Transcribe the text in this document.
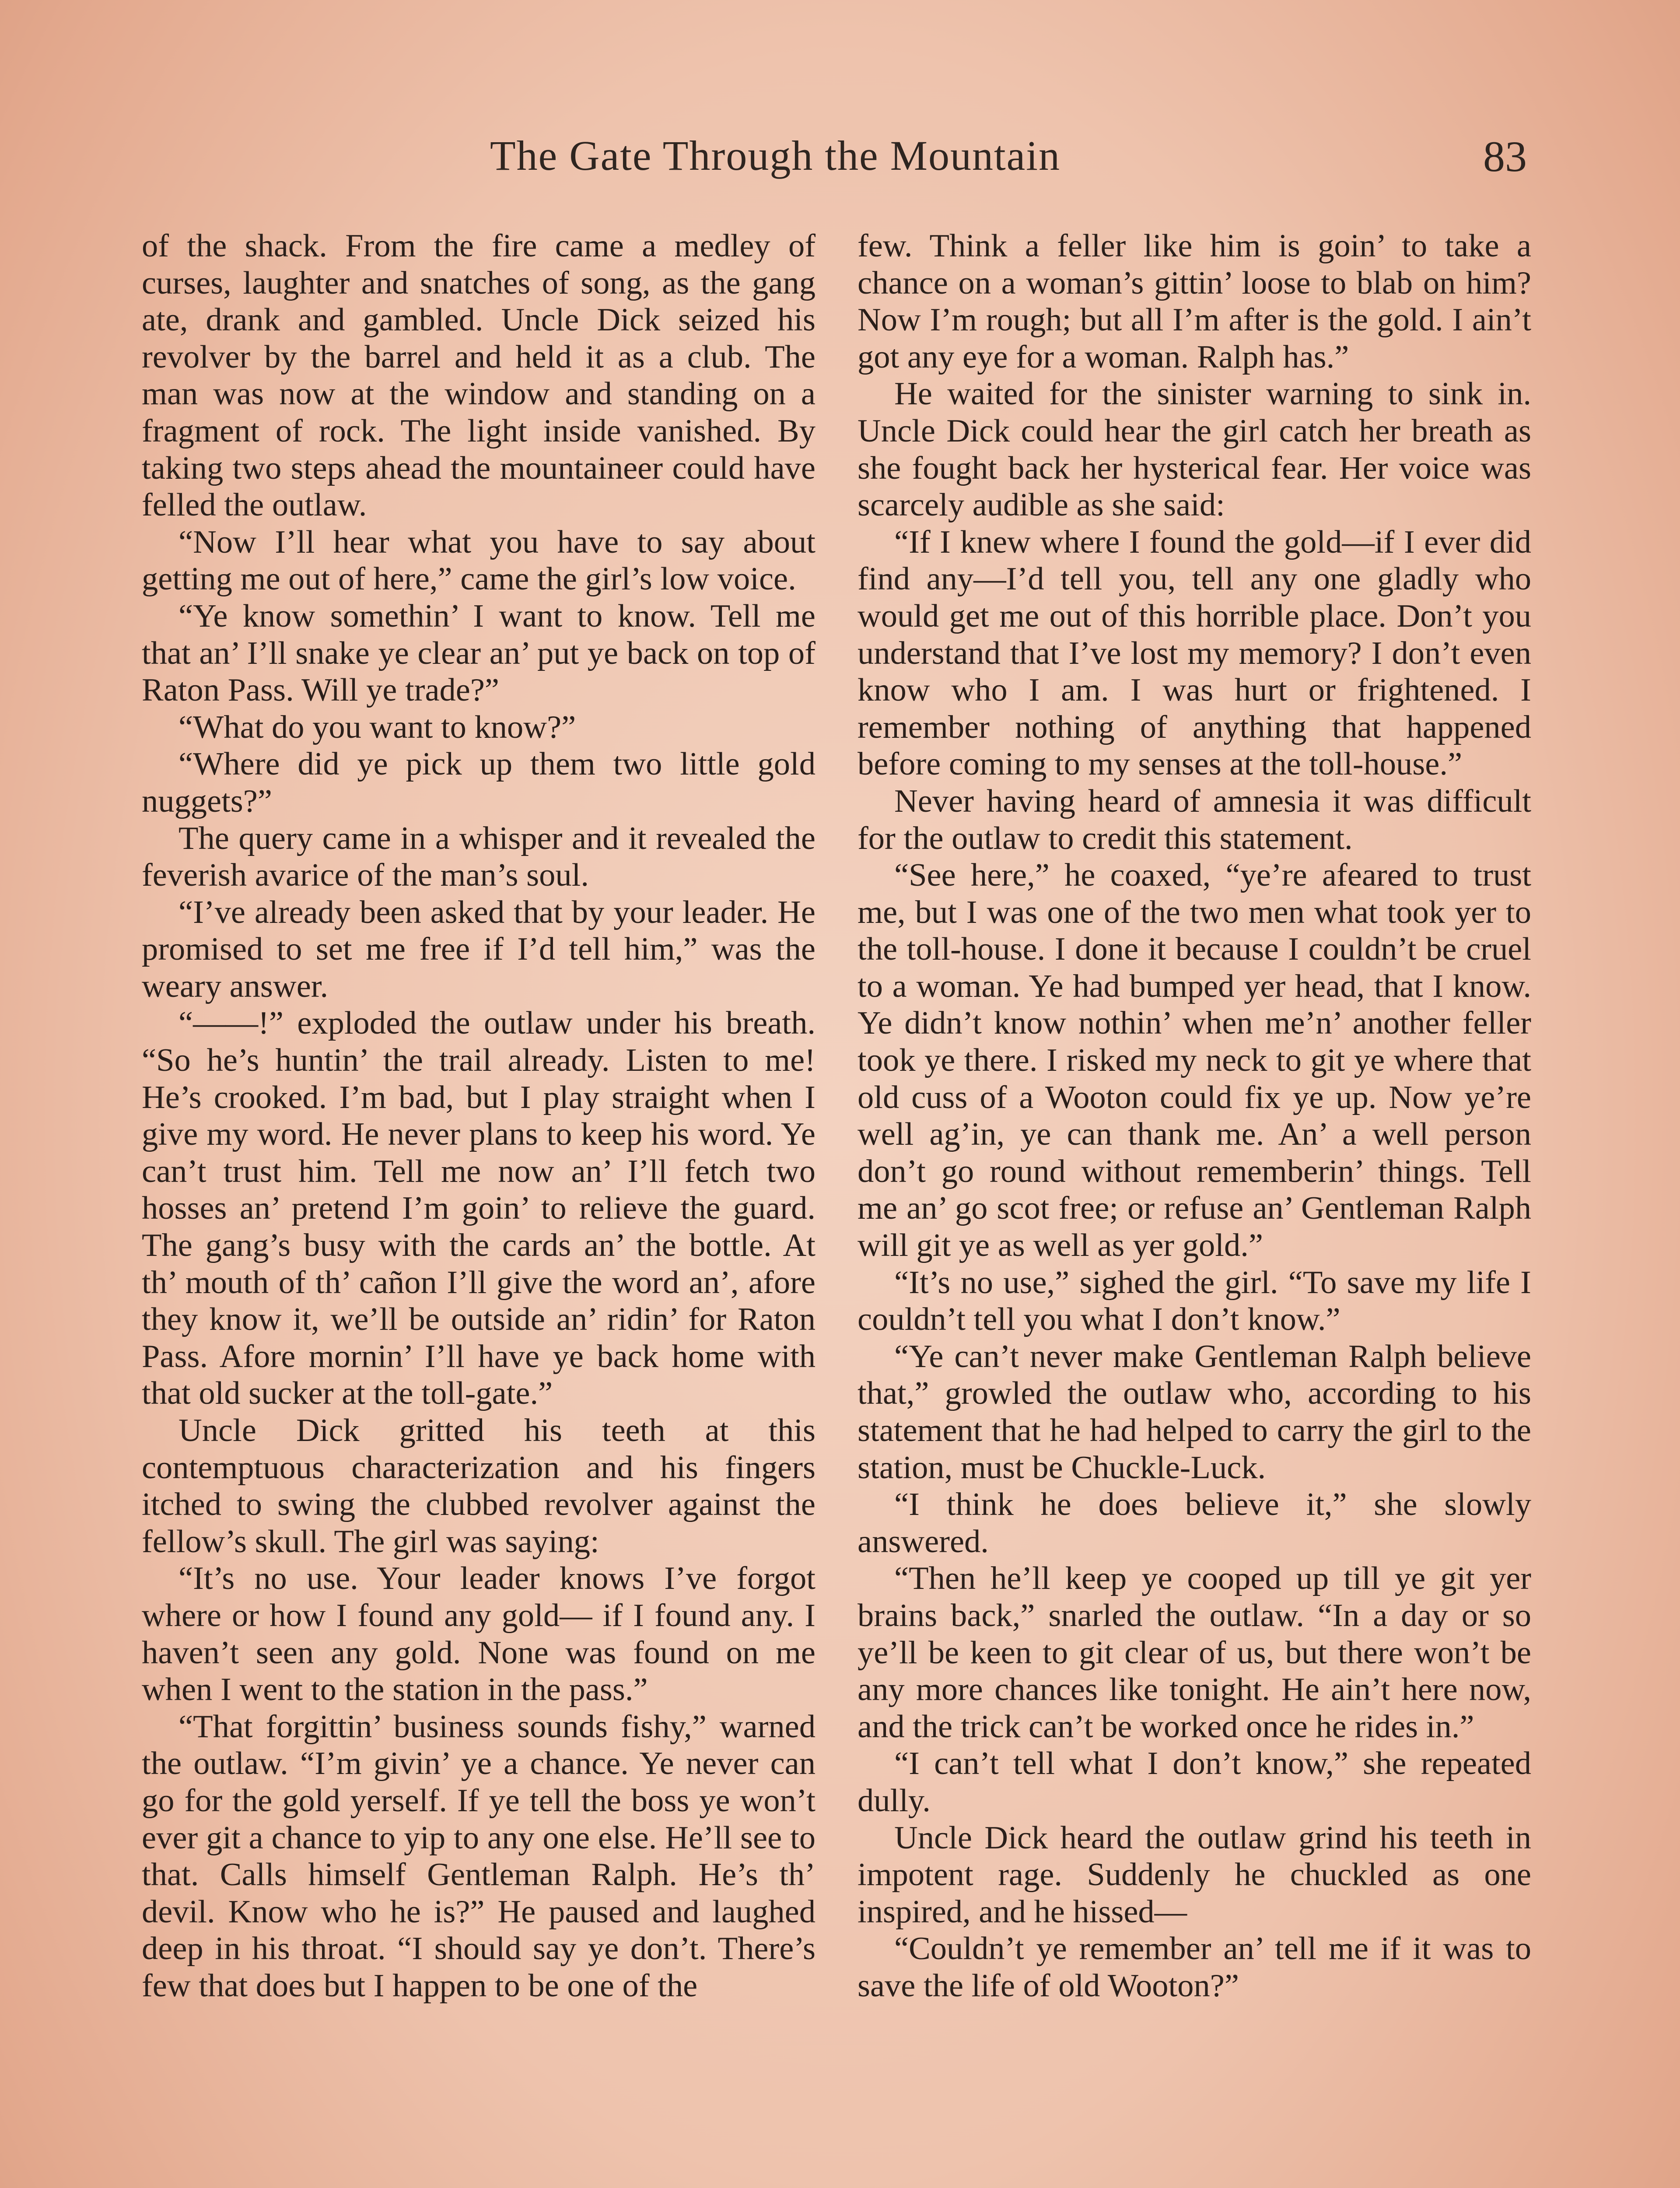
The Gate Through the Mountain	83

of the shack. From the fire came a medley of curses, laughter and snatches of song, as the gang ate, drank and gambled. Uncle Dick seized his revolver by the barrel and held it as a club. The man was now at the window and standing on a fragment of rock. The light inside vanished. By taking two steps ahead the mountaineer could have felled the outlaw.

“Now I’ll hear what you have to say about getting me out of here,” came the girl’s low voice.

“Ye know somethin’ I want to know. Tell me that an’ I’ll snake ye clear an’ put ye back on top of Raton Pass. Will ye trade?”

“What do you want to know?”

“Where did ye pick up them two little gold nuggets?”

The query came in a whisper and it revealed the feverish avarice of the man’s soul.

“I’ve already been asked that by your leader. He promised to set me free if I’d tell him,” was the weary answer.

“——!” exploded the outlaw under his breath. “So he’s huntin’ the trail already. Listen to me! He’s crooked. I’m bad, but I play straight when I give my word. He never plans to keep his word. Ye can’t trust him. Tell me now an’ I’ll fetch two hosses an’ pretend I’m goin’ to relieve the guard. The gang’s busy with the cards an’ the bottle. At th’ mouth of th’ cañon I’ll give the word an’, afore they know it, we’ll be outside an’ ridin’ for Raton Pass. Afore mornin’ I’ll have ye back home with that old sucker at the toll-gate.”

Uncle Dick gritted his teeth at this contemptuous characterization and his fingers itched to swing the clubbed revolver against the fellow’s skull. The girl was saying:

“It’s no use. Your leader knows I’ve forgot where or how I found any gold— if I found any. I haven’t seen any gold. None was found on me when I went to the station in the pass.”

“That forgittin’ business sounds fishy,” warned the outlaw. “I’m givin’ ye a chance. Ye never can go for the gold yerself. If ye tell the boss ye won’t ever git a chance to yip to any one else. He’ll see to that. Calls himself Gentleman Ralph. He’s th’ devil. Know who he is?” He paused and laughed deep in his throat. “I should say ye don’t. There’s few that does but I happen to be one of the

few. Think a feller like him is goin’ to take a chance on a woman’s gittin’ loose to blab on him? Now I’m rough; but all I’m after is the gold. I ain’t got any eye for a woman. Ralph has.”

He waited for the sinister warning to sink in. Uncle Dick could hear the girl catch her breath as she fought back her hysterical fear. Her voice was scarcely audible as she said:

“If I knew where I found the gold—if I ever did find any—I’d tell you, tell any one gladly who would get me out of this horrible place. Don’t you understand that I’ve lost my memory? I don’t even know who I am. I was hurt or frightened. I remember nothing of anything that happened before coming to my senses at the toll-house.”

Never having heard of amnesia it was difficult for the outlaw to credit this statement.

“See here,” he coaxed, “ye’re afeared to trust me, but I was one of the two men what took yer to the toll-house. I done it because I couldn’t be cruel to a woman. Ye had bumped yer head, that I know. Ye didn’t know nothin’ when me’n’ another feller took ye there. I risked my neck to git ye where that old cuss of a Wooton could fix ye up. Now ye’re well ag’in, ye can thank me. An’ a well person don’t go round without rememberin’ things. Tell me an’ go scot free; or refuse an’ Gentleman Ralph will git ye as well as yer gold.”

“It’s no use,” sighed the girl. “To save my life I couldn’t tell you what I don’t know.”

“Ye can’t never make Gentleman Ralph believe that,” growled the outlaw who, according to his statement that he had helped to carry the girl to the station, must be Chuckle-Luck.

“I think he does believe it,” she slowly answered.

“Then he’ll keep ye cooped up till ye git yer brains back,” snarled the outlaw. “In a day or so ye’ll be keen to git clear of us, but there won’t be any more chances like tonight. He ain’t here now, and the trick can’t be worked once he rides in.”

“I can’t tell what I don’t know,” she repeated dully.

Uncle Dick heard the outlaw grind his teeth in impotent rage. Suddenly he chuckled as one inspired, and he hissed—

“Couldn’t ye remember an’ tell me if it was to save the life of old Wooton?”
